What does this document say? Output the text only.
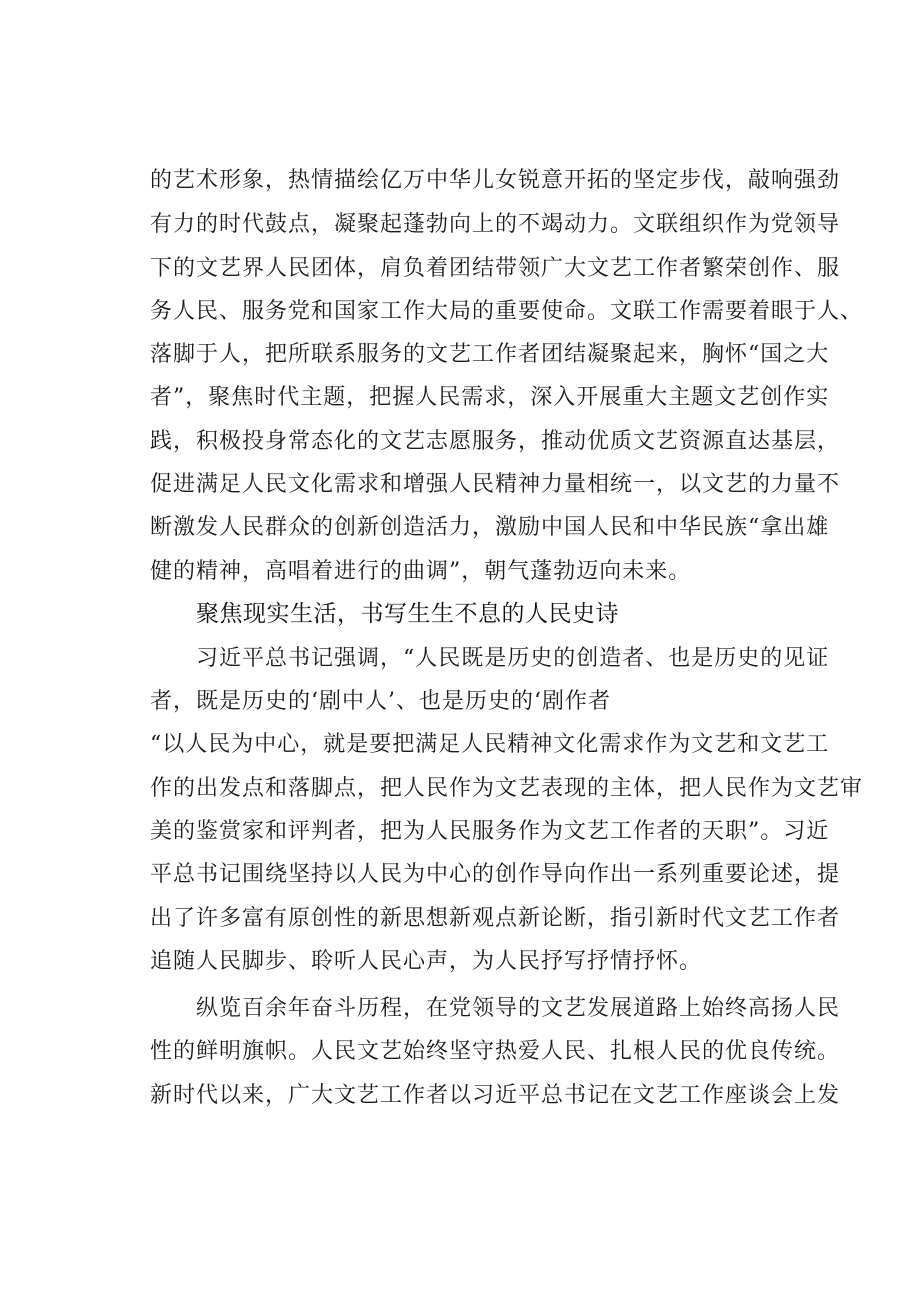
的艺术形象，热情描绘亿万中华儿女锐意开拓的坚定步伐，敲响强劲
有力的时代鼓点，凝聚起蓬勃向上的不竭动力。文联组织作为党领导
下的文艺界人民团体，肩负着团结带领广大文艺工作者繁荣创作、服
务人民、服务党和国家工作大局的重要使命。文联工作需要着眼于人、
落脚于人，把所联系服务的文艺工作者团结凝聚起来，胸怀“国之大
者”，聚焦时代主题，把握人民需求，深入开展重大主题文艺创作实
践，积极投身常态化的文艺志愿服务，推动优质文艺资源直达基层，
促进满足人民文化需求和增强人民精神力量相统一，以文艺的力量不
断激发人民群众的创新创造活力，激励中国人民和中华民族“拿出雄
健的精神，高唱着进行的曲调”，朝气蓬勃迈向未来。
聚焦现实生活，书写生生不息的人民史诗
习近平总书记强调，“人民既是历史的创造者、也是历史的见证
者，既是历史的‘剧中人’、也是历史的‘剧作者
“以人民为中心，就是要把满足人民精神文化需求作为文艺和文艺工
作的出发点和落脚点，把人民作为文艺表现的主体，把人民作为文艺审
美的鉴赏家和评判者，把为人民服务作为文艺工作者的天职”。习近
平总书记围绕坚持以人民为中心的创作导向作出一系列重要论述，提
出了许多富有原创性的新思想新观点新论断，指引新时代文艺工作者
追随人民脚步、聆听人民心声，为人民抒写抒情抒怀。
纵览百余年奋斗历程，在党领导的文艺发展道路上始终高扬人民
性的鲜明旗帜。人民文艺始终坚守热爱人民、扎根人民的优良传统。
新时代以来，广大文艺工作者以习近平总书记在文艺工作座谈会上发
